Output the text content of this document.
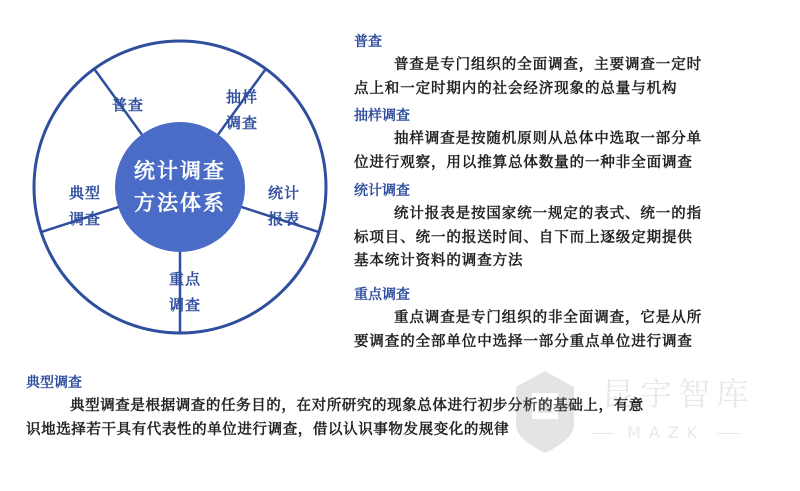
统计调查
方法体系
普查	抽样
调查
统计
报表
重点
调查
典型
调查
普查
普查是专门组织的全面调查，主要调查一定时
点上和一定时期内的社会经济现象的总量与机构
抽样调查
抽样调查是按随机原则从总体中选取一部分单
位进行观察，用以推算总体数量的一种非全面调查
统计调查
统计报表是按国家统一规定的表式、统一的指
标项目、统一的报送时间、自下而上逐级定期提供
基本统计资料的调查方法
重点调查
重点调查是专门组织的非全面调查，它是从所
要调查的全部单位中选择一部分重点单位进行调查
典型调查
典型调查是根据调查的任务目的，在对所研究的现象总体进行初步分析的基础上，有意
识地选择若干具有代表性的单位进行调查，借以认识事物发展变化的规律
昆宇智库
MAZK
